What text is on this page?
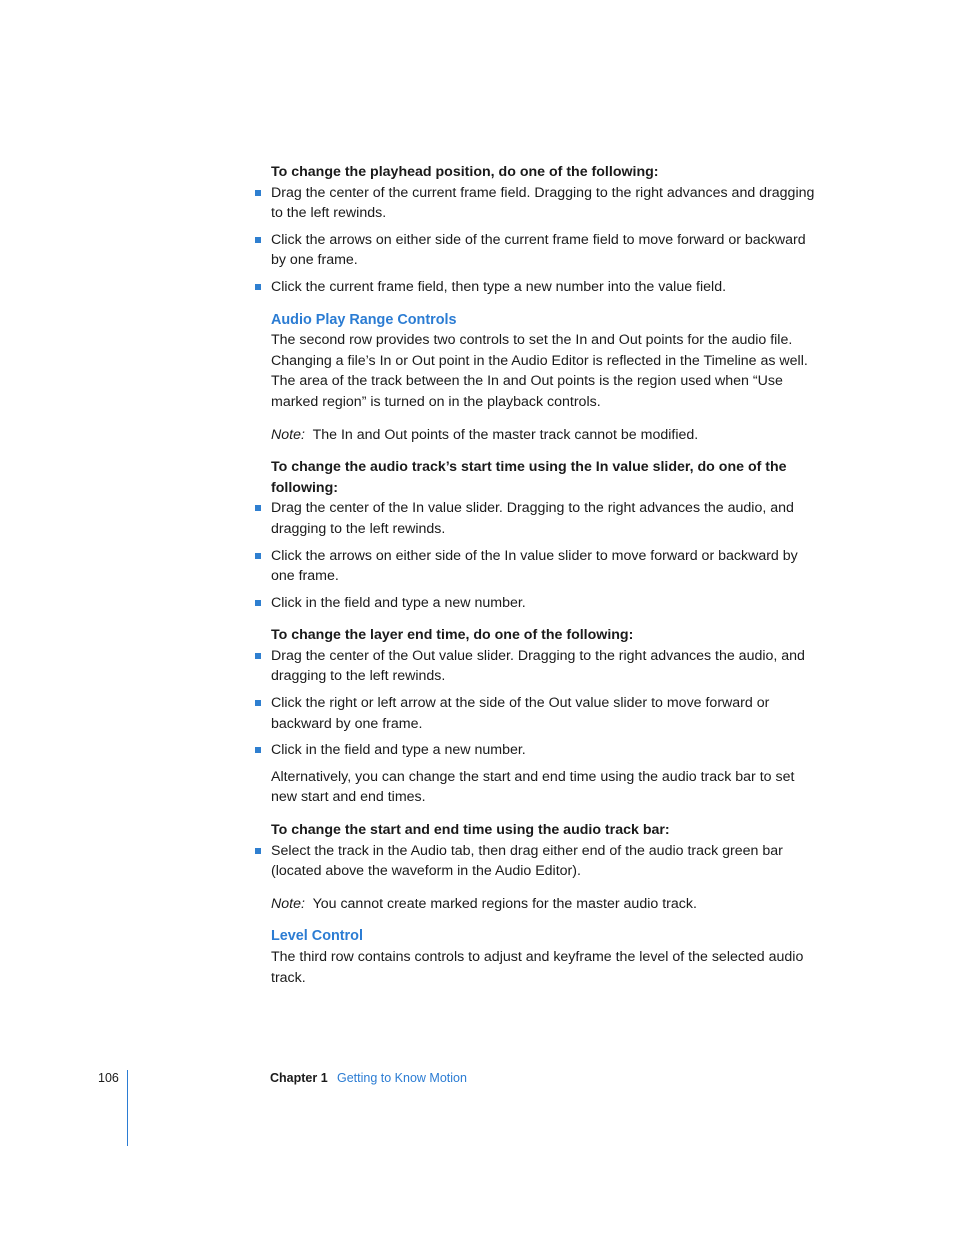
To change the playhead position, do one of the following:

Drag the center of the current frame field. Dragging to the right advances and dragging to the left rewinds.
Click the arrows on either side of the current frame field to move forward or backward by one frame.
Click the current frame field, then type a new number into the value field.
Audio Play Range Controls

The second row provides two controls to set the In and Out points for the audio file. Changing a file’s In or Out point in the Audio Editor is reflected in the Timeline as well. The area of the track between the In and Out points is the region used when “Use marked region” is turned on in the playback controls.

Note: The In and Out points of the master track cannot be modified.

To change the audio track’s start time using the In value slider, do one of the following:

Drag the center of the In value slider. Dragging to the right advances the audio, and dragging to the left rewinds.
Click the arrows on either side of the In value slider to move forward or backward by one frame.
Click in the field and type a new number.

To change the layer end time, do one of the following:

Drag the center of the Out value slider. Dragging to the right advances the audio, and dragging to the left rewinds.
Click the right or left arrow at the side of the Out value slider to move forward or backward by one frame.
Click in the field and type a new number.

Alternatively, you can change the start and end time using the audio track bar to set new start and end times.

To change the start and end time using the audio track bar:

Select the track in the Audio tab, then drag either end of the audio track green bar (located above the waveform in the Audio Editor).

Note: You cannot create marked regions for the master audio track.

Level Control

The third row contains controls to adjust and keyframe the level of the selected audio track.

106	Chapter 1 Getting to Know Motion
